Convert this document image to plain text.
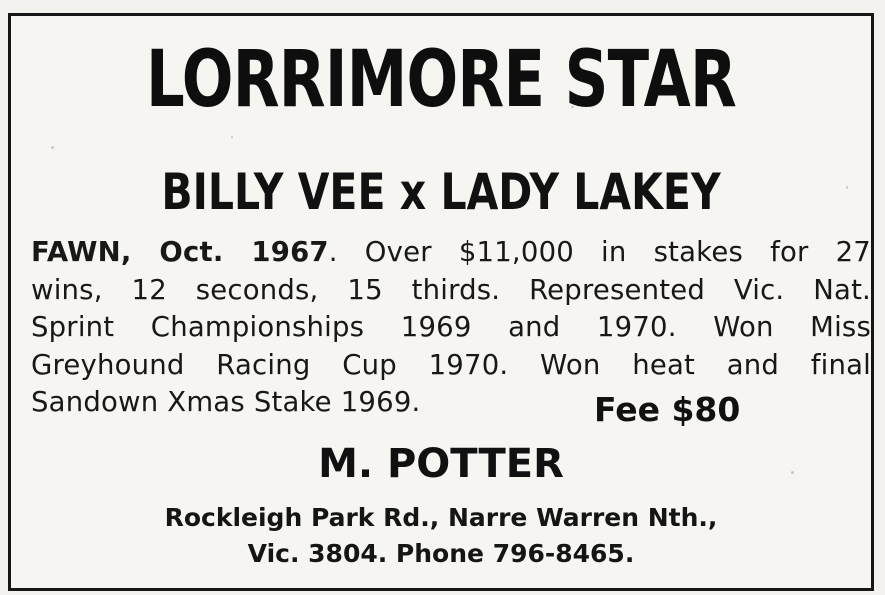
LORRIMORE STAR
BILLY VEE x LADY LAKEY

FAWN, Oct. 1967. Over $11,000 in stakes for 27

wins, 12 seconds, 15 thirds. Represented Vic. Nat.

Sprint Championships 1969 and 1970. Won Miss

Greyhound Racing Cup 1970. Won heat and final

Sandown Xmas Stake 1969.	Fee $80
M. POTTER
Rockleigh Park Rd., Narre Warren Nth.,
Vic. 3804. Phone 796-8465.
